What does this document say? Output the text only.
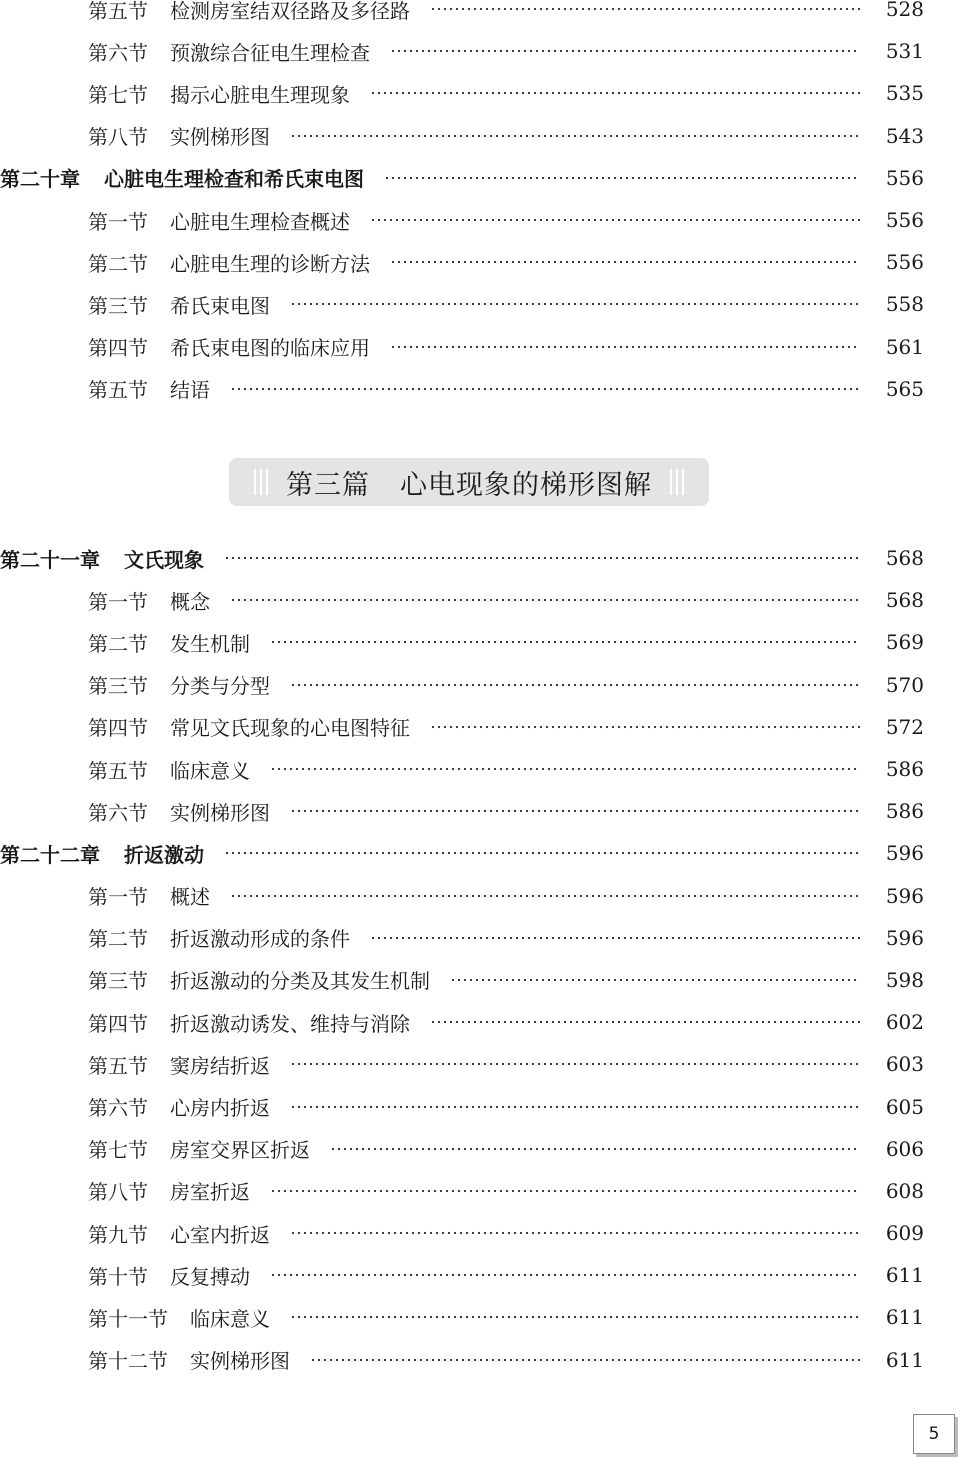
第五节 检测房室结双径路及多径路	528
第六节 预激综合征电生理检查	531
第七节 揭示心脏电生理现象	535
第八节 实例梯形图	543
第二十章 心脏电生理检查和希氏束电图	556
第一节 心脏电生理检查概述	556
第二节 心脏电生理的诊断方法	556
第三节 希氏束电图	558
第四节 希氏束电图的临床应用	561
第五节 结语	565
第三篇 心电现象的梯形图解
第二十一章 文氏现象	568
第一节 概念	568
第二节 发生机制	569
第三节 分类与分型	570
第四节 常见文氏现象的心电图特征	572
第五节 临床意义	586
第六节 实例梯形图	586
第二十二章 折返激动	596
第一节 概述	596
第二节 折返激动形成的条件	596
第三节 折返激动的分类及其发生机制	598
第四节 折返激动诱发、维持与消除	602
第五节 窦房结折返	603
第六节 心房内折返	605
第七节 房室交界区折返	606
第八节 房室折返	608
第九节 心室内折返	609
第十节 反复搏动	611
第十一节 临床意义	611
第十二节 实例梯形图	611
5
